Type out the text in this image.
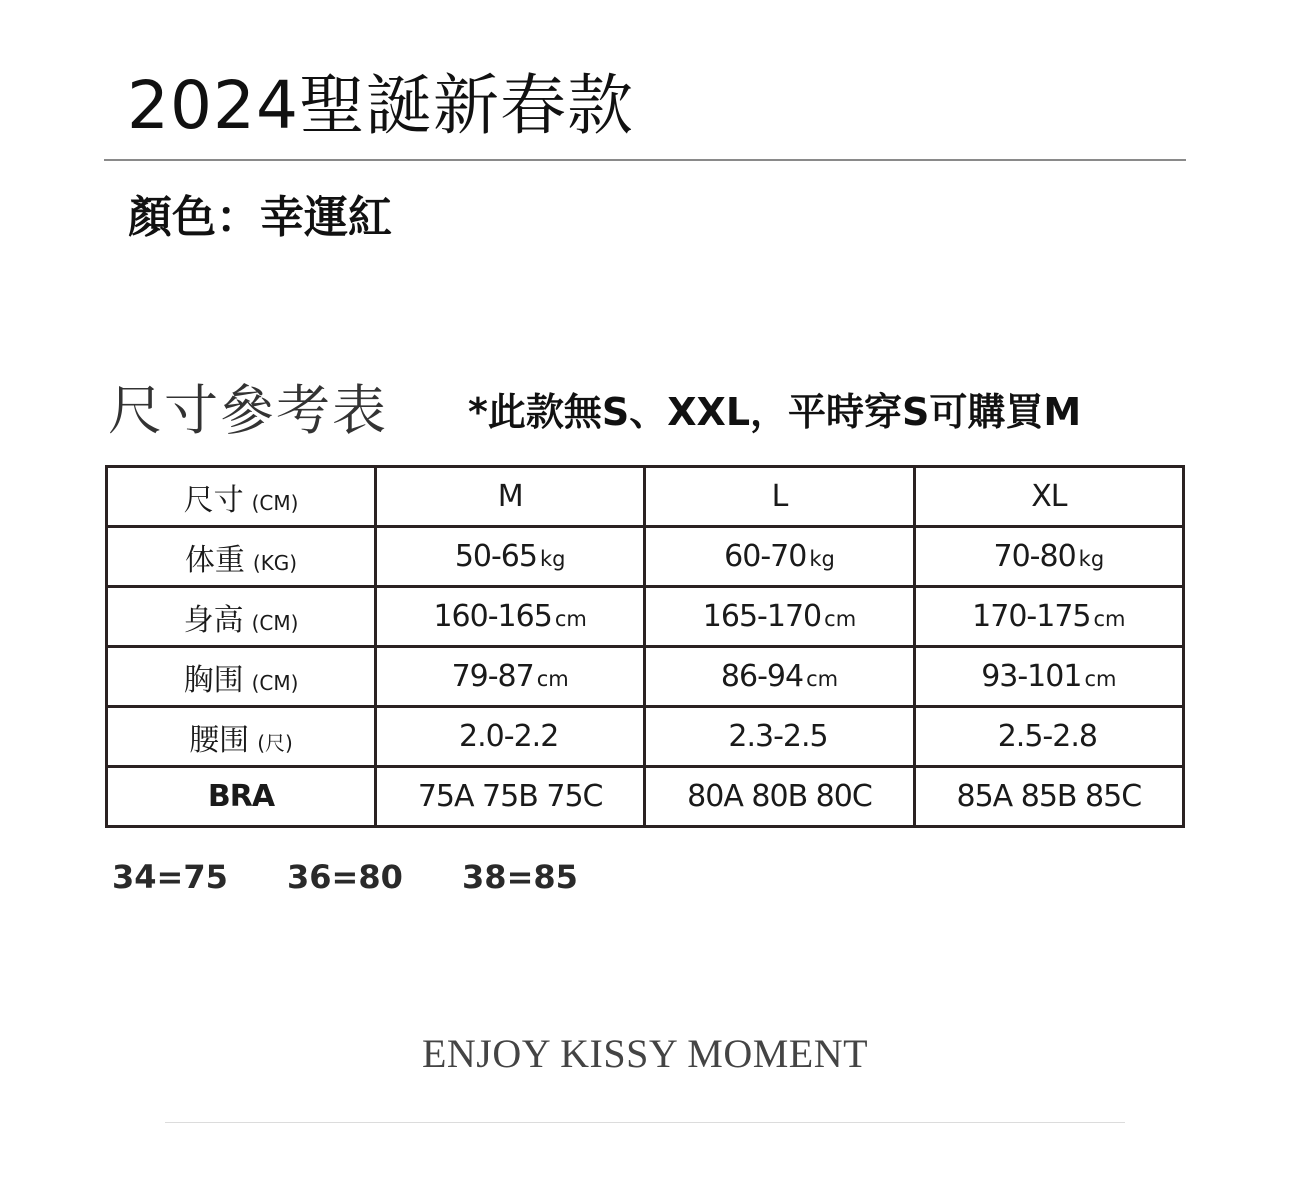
2024聖誕新春款
顏色：幸運紅
尺寸參考表 *此款無S、XXL，平時穿S可購買M
尺寸 (CM)	M	L	XL
体重 (KG)	50-65 kg	60-70 kg	70-80 kg
身高 (CM)	160-165 cm	165-170 cm	170-175 cm
胸围 (CM)	79-87 cm	86-94 cm	93-101 cm
腰围 (尺)	2.0-2.2	2.3-2.5	2.5-2.8
BRA	75A 75B 75C	80A 80B 80C	85A 85B 85C
34=75 36=80 38=85
ENJOY KISSY MOMENT
